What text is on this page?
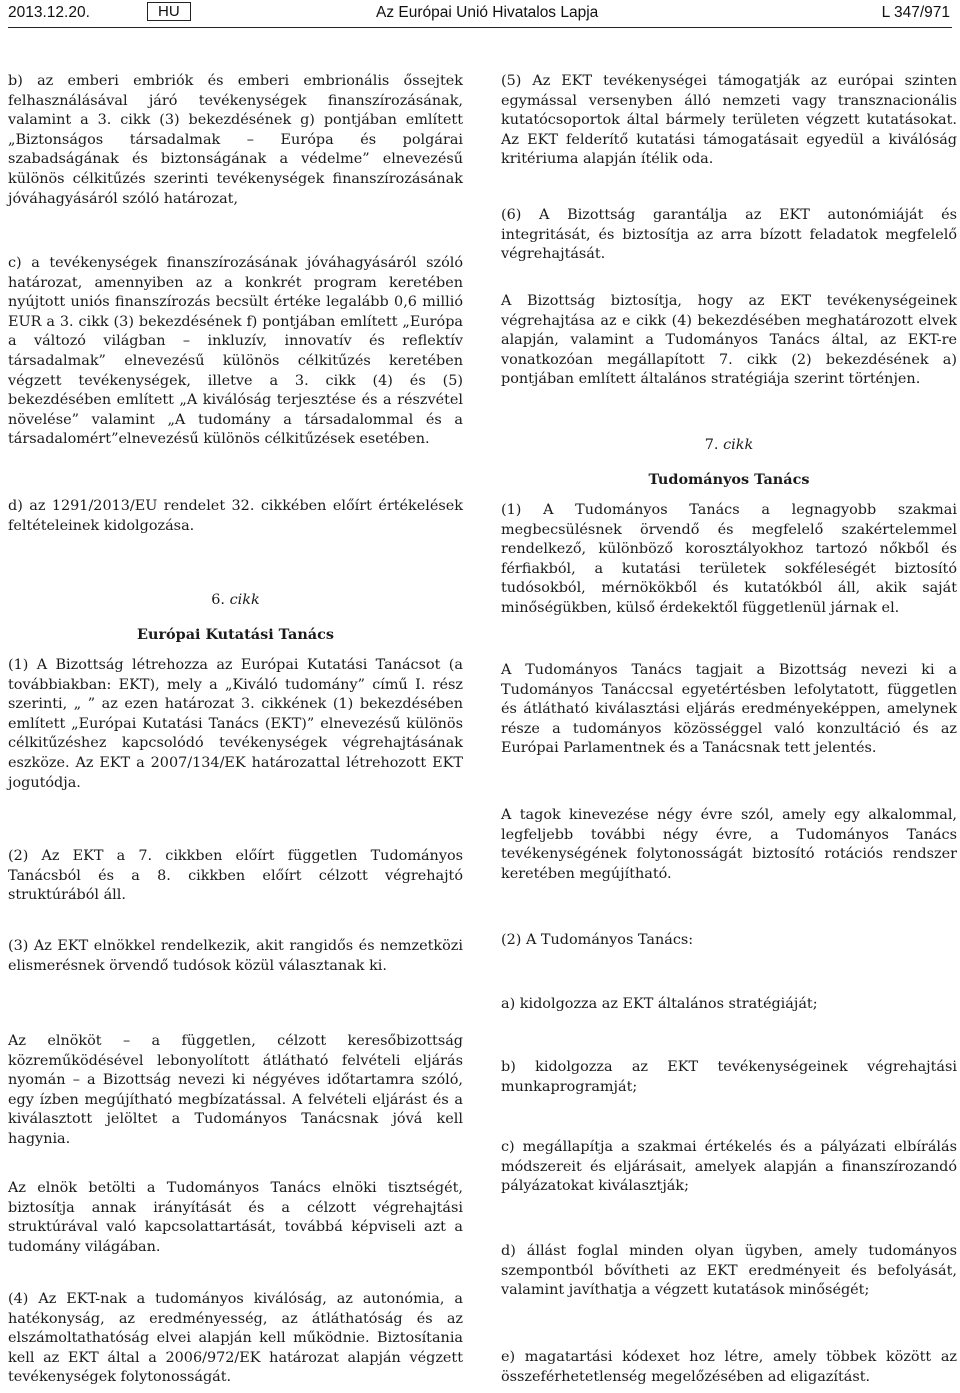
2013.12.20.	HU	Az Európai Unió Hivatalos Lapja	L 347/971
b) az emberi embriók és emberi embrionális őssejtek felhasználásával járó tevékenységek finanszírozásának, valamint a 3. cikk (3) bekezdésének g) pontjában említett „Biztonságos társadalmak – Európa és polgárai szabadságának és biztonságának a védelme” elnevezésű különös célkitűzés szerinti tevékenységek finanszírozásának jóváhagyásáról szóló határozat,
c) a tevékenységek finanszírozásának jóváhagyásáról szóló határozat, amennyiben az a konkrét program keretében nyújtott uniós finanszírozás becsült értéke legalább 0,6 millió EUR a 3. cikk (3) bekezdésének f) pontjában említett „Európa a változó világban – inkluzív, innovatív és reflektív társadalmak” elnevezésű különös célkitűzés keretében végzett tevékenységek, illetve a 3. cikk (4) és (5) bekezdésében említett „A kiválóság terjesztése és a részvétel növelése” valamint „A tudomány a társadalommal és a társadalomért”elnevezésű különös célkitűzések esetében.
d) az 1291/2013/EU rendelet 32. cikkében előírt értékelések feltételeinek kidolgozása.
6. cikk
Európai Kutatási Tanács
(1) A Bizottság létrehozza az Európai Kutatási Tanácsot (a továbbiakban: EKT), mely a „Kiváló tudomány” című I. rész szerinti, „ ” az ezen határozat 3. cikkének (1) bekezdésében említett „Európai Kutatási Tanács (EKT)” elnevezésű különös célkitűzéshez kapcsolódó tevékenységek végrehajtásának eszköze. Az EKT a 2007/134/EK határozattal létrehozott EKT jogutódja.
(2) Az EKT a 7. cikkben előírt független Tudományos Tanácsból és a 8. cikkben előírt célzott végrehajtó struktúrából áll.
(3) Az EKT elnökkel rendelkezik, akit rangidős és nemzetközi elismerésnek örvendő tudósok közül választanak ki.
Az elnököt – a független, célzott keresőbizottság közreműködésével lebonyolított átlátható felvételi eljárás nyomán – a Bizottság nevezi ki négyéves időtartamra szóló, egy ízben megújítható megbízatással. A felvételi eljárást és a kiválasztott jelöltet a Tudományos Tanácsnak jóvá kell hagynia.
Az elnök betölti a Tudományos Tanács elnöki tisztségét, biztosítja annak irányítását és a célzott végrehajtási struktúrával való kapcsolattartását, továbbá képviseli azt a tudomány világában.
(4) Az EKT-nak a tudományos kiválóság, az autonómia, a hatékonyság, az eredményesség, az átláthatóság és az elszámoltathatóság elvei alapján kell működnie. Biztosítania kell az EKT által a 2006/972/EK határozat alapján végzett tevékenységek folytonosságát.
(5) Az EKT tevékenységei támogatják az európai szinten egymással versenyben álló nemzeti vagy transznacionális kutatócsoportok által bármely területen végzett kutatásokat. Az EKT felderítő kutatási támogatásait egyedül a kiválóság kritériuma alapján ítélik oda.
(6) A Bizottság garantálja az EKT autonómiáját és integritását, és biztosítja az arra bízott feladatok megfelelő végrehajtását.
A Bizottság biztosítja, hogy az EKT tevékenységeinek végrehajtása az e cikk (4) bekezdésében meghatározott elvek alapján, valamint a Tudományos Tanács által, az EKT-re vonatkozóan megállapított 7. cikk (2) bekezdésének a) pontjában említett általános stratégiája szerint történjen.
7. cikk
Tudományos Tanács
(1) A Tudományos Tanács a legnagyobb szakmai megbecsülésnek örvendő és megfelelő szakértelemmel rendelkező, különböző korosztályokhoz tartozó nőkből és férfiakból, a kutatási területek sokféleségét biztosító tudósokból, mérnökökből és kutatókból áll, akik saját minőségükben, külső érdekektől függetlenül járnak el.
A Tudományos Tanács tagjait a Bizottság nevezi ki a Tudományos Tanáccsal egyetértésben lefolytatott, független és átlátható kiválasztási eljárás eredményeképpen, amelynek része a tudományos közösséggel való konzultáció és az Európai Parlamentnek és a Tanácsnak tett jelentés.
A tagok kinevezése négy évre szól, amely egy alkalommal, legfeljebb további négy évre, a Tudományos Tanács tevékenységének folytonosságát biztosító rotációs rendszer keretében megújítható.
(2) A Tudományos Tanács:
a) kidolgozza az EKT általános stratégiáját;
b) kidolgozza az EKT tevékenységeinek végrehajtási munkaprogramját;
c) megállapítja a szakmai értékelés és a pályázati elbírálás módszereit és eljárásait, amelyek alapján a finanszírozandó pályázatokat kiválasztják;
d) állást foglal minden olyan ügyben, amely tudományos szempontból bővítheti az EKT eredményeit és befolyását, valamint javíthatja a végzett kutatások minőségét;
e) magatartási kódexet hoz létre, amely többek között az összeférhetetlenség megelőzésében ad eligazítást.
